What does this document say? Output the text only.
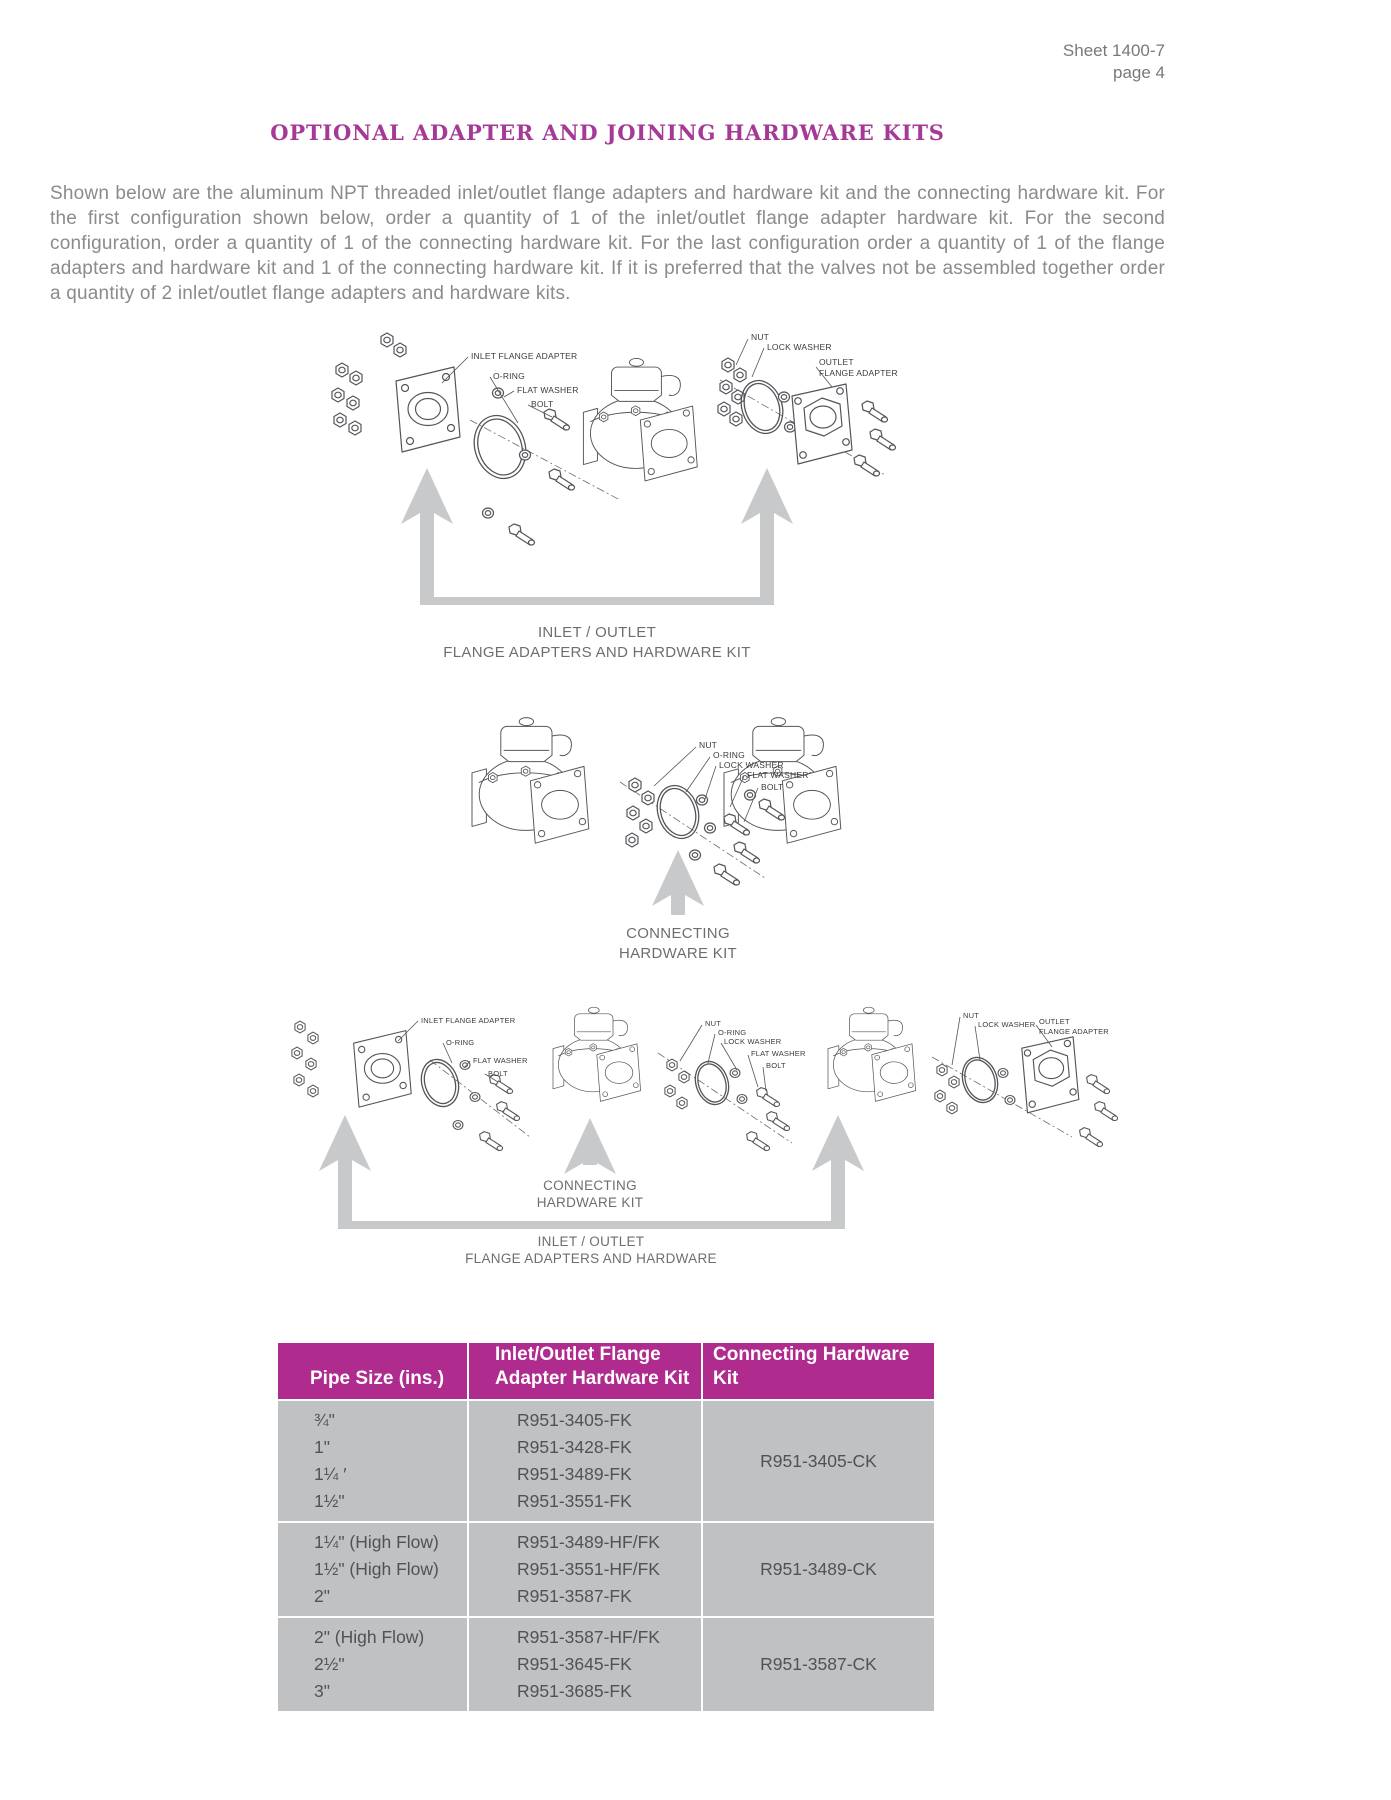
Sheet 1400-7
page 4
OPTIONAL ADAPTER AND JOINING HARDWARE KITS
Shown below are the aluminum NPT threaded inlet/outlet flange adapters and hardware kit and the connecting hardware kit. For the first configuration shown below, order a quantity of 1 of the inlet/outlet flange adapter hardware kit. For the second configuration, order a quantity of 1 of the connecting hardware kit. For the last configuration order a quantity of 1 of the flange adapters and hardware kit and 1 of the connecting hardware kit. If it is preferred that the valves not be assembled together order a quantity of 2 inlet/outlet flange adapters and hardware kits.
INLET FLANGE ADAPTER
O-RING
FLAT WASHER
BOLT
NUT
LOCK WASHER
OUTLET
FLANGE ADAPTER
INLET / OUTLET
FLANGE ADAPTERS AND HARDWARE KIT
NUT
O-RING
LOCK WASHER
FLAT WASHER
BOLT
CONNECTING
HARDWARE KIT
INLET FLANGE ADAPTER
O-RING
FLAT WASHER
BOLT
NUT
O-RING
LOCK WASHER
FLAT WASHER
BOLT
NUT
LOCK WASHER OUTLET
FLANGE ADAPTER
CONNECTING
HARDWARE KIT
INLET / OUTLET
FLANGE ADAPTERS AND HARDWARE
Pipe Size (ins.)
Inlet/Outlet Flange
Adapter Hardware Kit
Connecting Hardware Kit
¾"
1"
1¼ ′
1½"
R951-3405-FK
R951-3428-FK
R951-3489-FK
R951-3551-FK
R951-3405-CK
1¼" (High Flow)
1½" (High Flow)
2"
R951-3489-HF/FK
R951-3551-HF/FK
R951-3587-FK
R951-3489-CK
2" (High Flow)
2½"
3"
R951-3587-HF/FK
R951-3645-FK
R951-3685-FK
R951-3587-CK
